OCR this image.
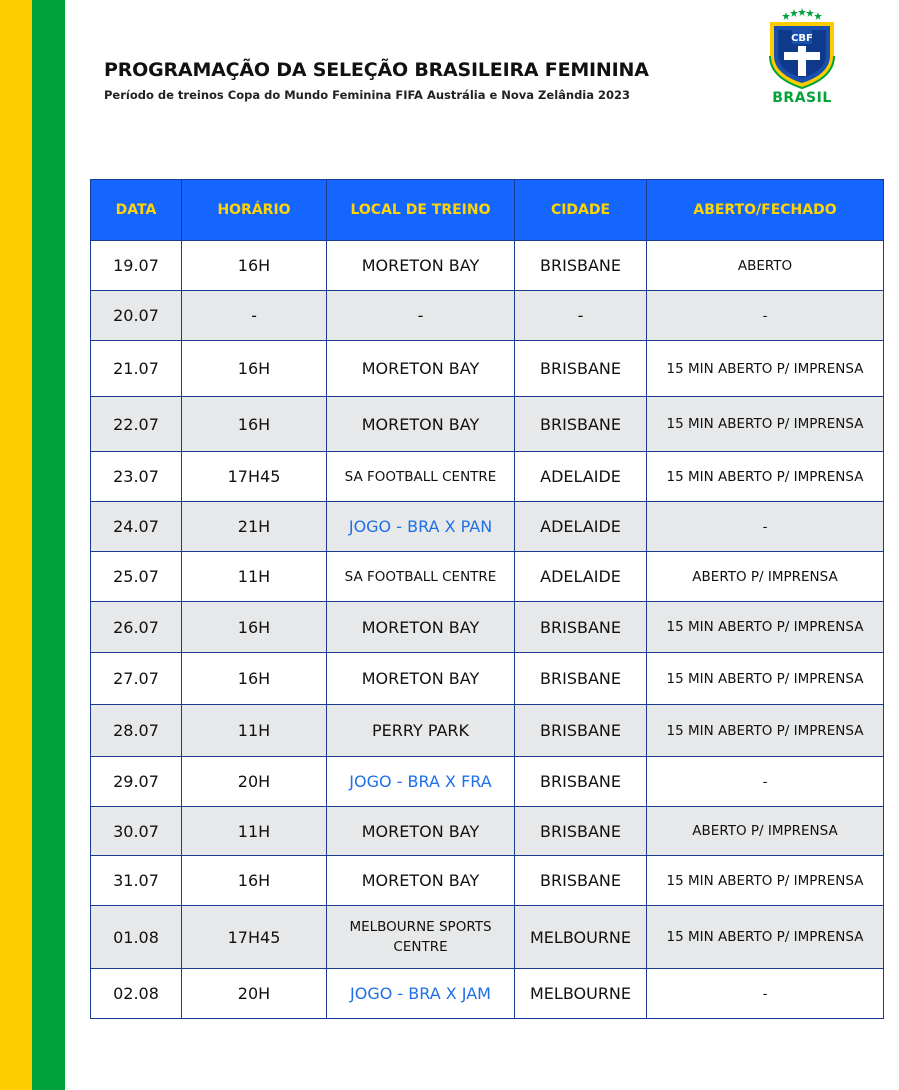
PROGRAMAÇÃO DA SELEÇÃO BRASILEIRA FEMININA
Período de treinos Copa do Mundo Feminina FIFA Austrália e Nova Zelândia 2023
CBF
BRASIL
DATA	HORÁRIO	LOCAL DE TREINO	CIDADE	ABERTO/FECHADO
19.07	16H	MORETON BAY	BRISBANE	ABERTO
20.07	-	-	-	-
21.07	16H	MORETON BAY	BRISBANE	15 MIN ABERTO P/ IMPRENSA
22.07	16H	MORETON BAY	BRISBANE	15 MIN ABERTO P/ IMPRENSA
23.07	17H45	SA FOOTBALL CENTRE	ADELAIDE	15 MIN ABERTO P/ IMPRENSA
24.07	21H	JOGO - BRA X PAN	ADELAIDE	-
25.07	11H	SA FOOTBALL CENTRE	ADELAIDE	ABERTO P/ IMPRENSA
26.07	16H	MORETON BAY	BRISBANE	15 MIN ABERTO P/ IMPRENSA
27.07	16H	MORETON BAY	BRISBANE	15 MIN ABERTO P/ IMPRENSA
28.07	11H	PERRY PARK	BRISBANE	15 MIN ABERTO P/ IMPRENSA
29.07	20H	JOGO - BRA X FRA	BRISBANE	-
30.07	11H	MORETON BAY	BRISBANE	ABERTO P/ IMPRENSA
31.07	16H	MORETON BAY	BRISBANE	15 MIN ABERTO P/ IMPRENSA
01.08	17H45	MELBOURNE SPORTS CENTRE	MELBOURNE	15 MIN ABERTO P/ IMPRENSA
02.08	20H	JOGO - BRA X JAM	MELBOURNE	-
